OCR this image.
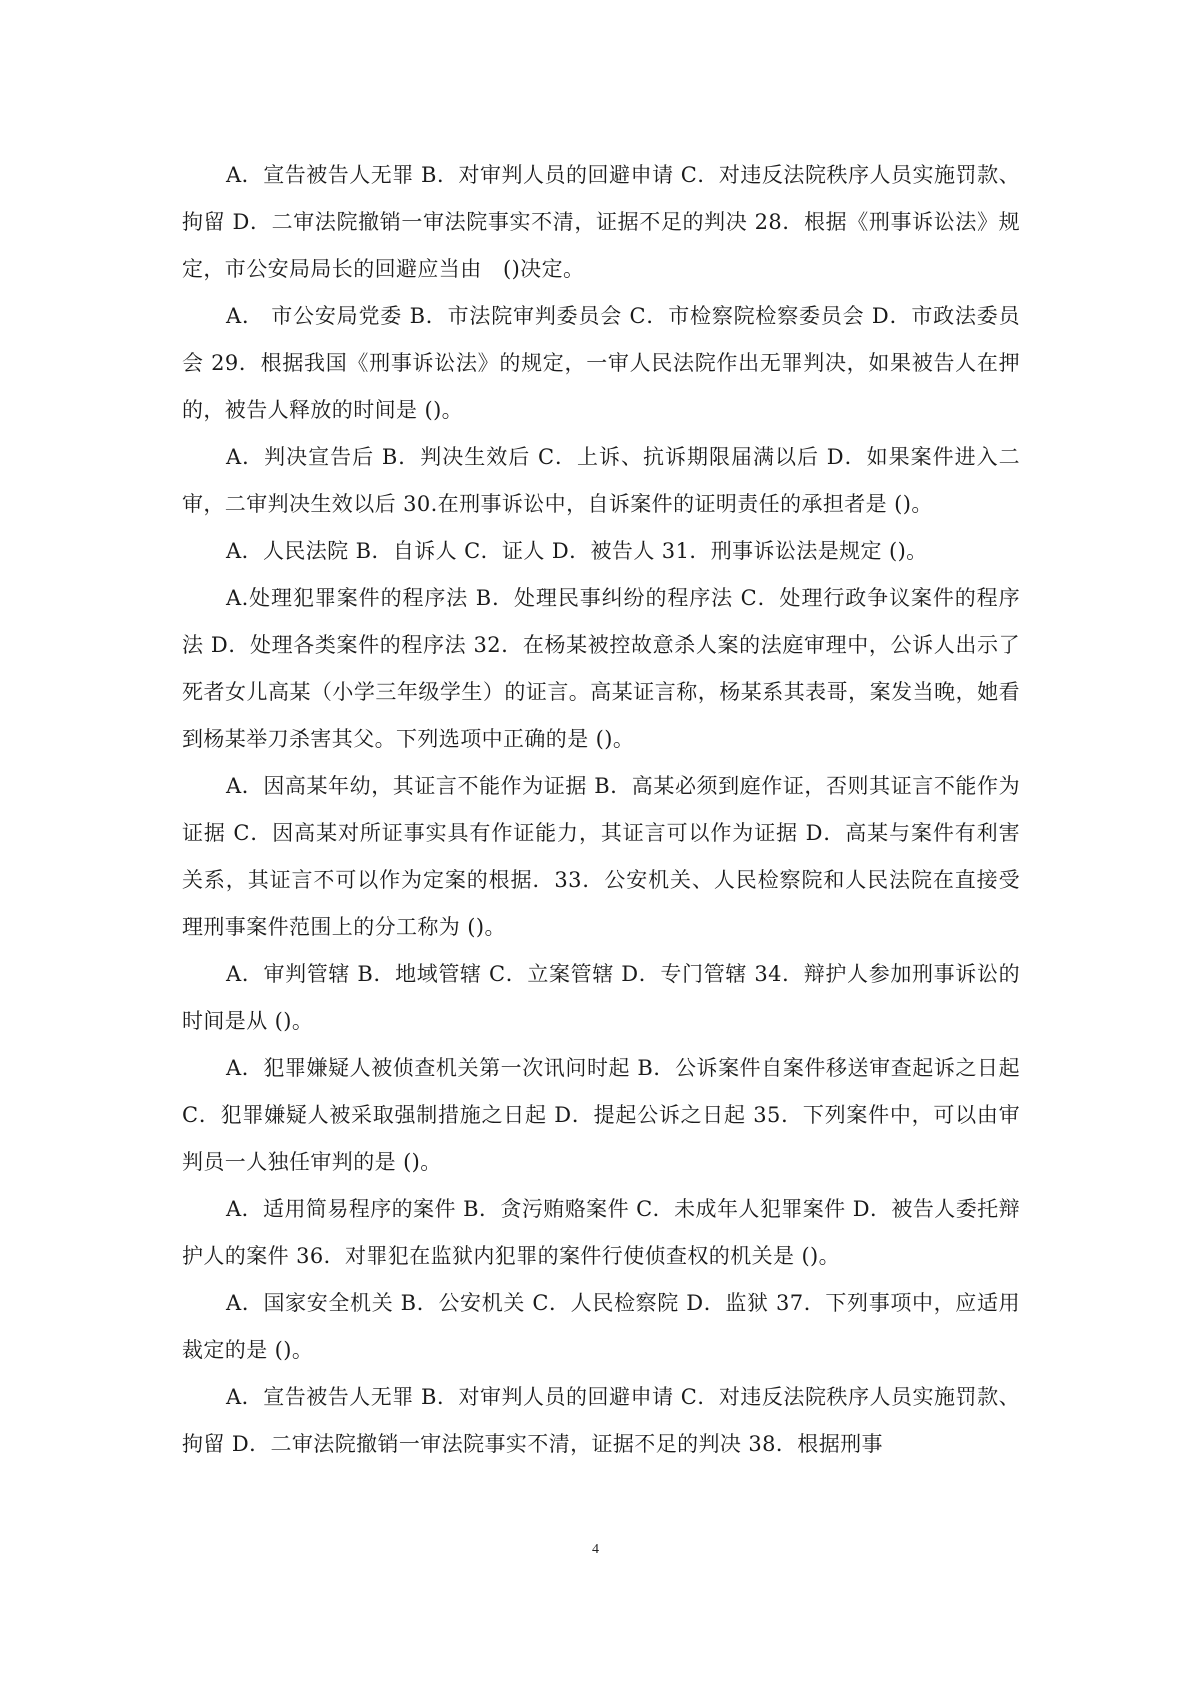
A．宣告被告人无罪 B．对审判人员的回避申请 C．对违反法院秩序人员实施罚款、拘留 D．二审法院撤销一审法院事实不清，证据不足的判决 28．根据《刑事诉讼法》规定，市公安局局长的回避应当由　()决定。

A． 市公安局党委 B．市法院审判委员会 C．市检察院检察委员会 D．市政法委员会 29．根据我国《刑事诉讼法》的规定，一审人民法院作出无罪判决，如果被告人在押的，被告人释放的时间是 ()。

A．判决宣告后 B．判决生效后 C．上诉、抗诉期限届满以后 D．如果案件进入二审，二审判决生效以后 30.在刑事诉讼中，自诉案件的证明责任的承担者是 ()。

A．人民法院 B．自诉人 C．证人 D．被告人 31．刑事诉讼法是规定 ()。

A.处理犯罪案件的程序法 B．处理民事纠纷的程序法 C．处理行政争议案件的程序法 D．处理各类案件的程序法 32．在杨某被控故意杀人案的法庭审理中，公诉人出示了死者女儿高某（小学三年级学生）的证言。高某证言称，杨某系其表哥，案发当晚，她看到杨某举刀杀害其父。下列选项中正确的是 ()。

A．因高某年幼，其证言不能作为证据 B．高某必须到庭作证，否则其证言不能作为证据 C．因高某对所证事实具有作证能力，其证言可以作为证据 D．高某与案件有利害关系，其证言不可以作为定案的根据．33．公安机关、人民检察院和人民法院在直接受理刑事案件范围上的分工称为 ()。

A．审判管辖 B．地域管辖 C．立案管辖 D．专门管辖 34．辩护人参加刑事诉讼的时间是从 ()。

A．犯罪嫌疑人被侦查机关第一次讯问时起 B．公诉案件自案件移送审查起诉之日起 C．犯罪嫌疑人被采取强制措施之日起 D．提起公诉之日起 35．下列案件中，可以由审判员一人独任审判的是 ()。

A．适用简易程序的案件 B．贪污贿赂案件 C．未成年人犯罪案件 D．被告人委托辩护人的案件 36．对罪犯在监狱内犯罪的案件行使侦查权的机关是 ()。

A．国家安全机关 B．公安机关 C．人民检察院 D．监狱 37．下列事项中，应适用裁定的是 ()。

A．宣告被告人无罪 B．对审判人员的回避申请 C．对违反法院秩序人员实施罚款、拘留 D．二审法院撤销一审法院事实不清，证据不足的判决 38．根据刑事

4
